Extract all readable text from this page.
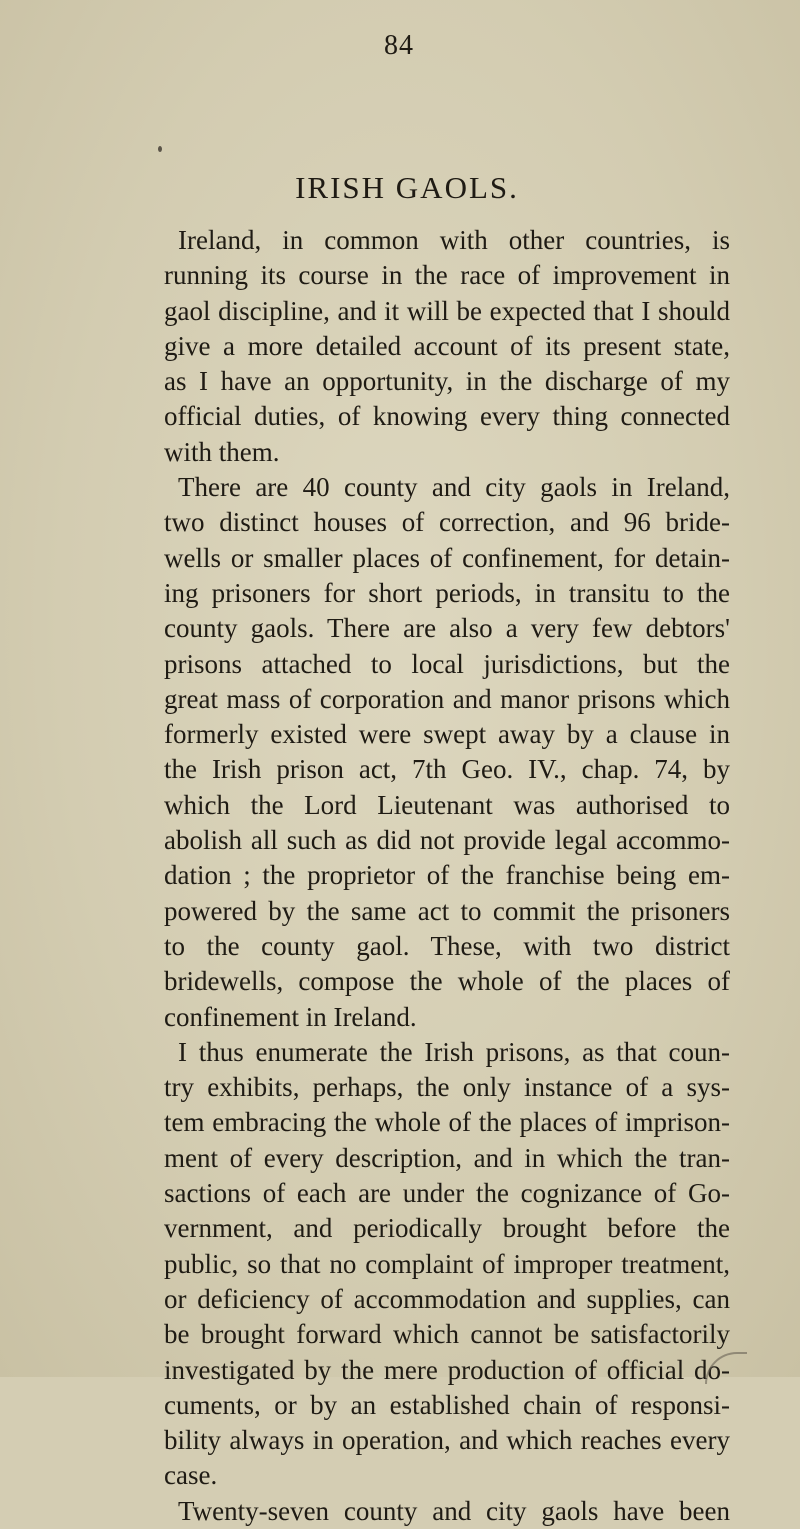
84
IRISH GAOLS.
Ireland, in common with other countries, is
running its course in the race of improvement in
gaol discipline, and it will be expected that I should
give a more detailed account of its present state,
as I have an opportunity, in the discharge of my
official duties, of knowing every thing connected
with them.
There are 40 county and city gaols in Ireland,
two distinct houses of correction, and 96 bride-
wells or smaller places of confinement, for detain-
ing prisoners for short periods, in transitu to the
county gaols. There are also a very few debtors'
prisons attached to local jurisdictions, but the
great mass of corporation and manor prisons which
formerly existed were swept away by a clause in
the Irish prison act, 7th Geo. IV., chap. 74, by
which the Lord Lieutenant was authorised to
abolish all such as did not provide legal accommo-
dation ; the proprietor of the franchise being em-
powered by the same act to commit the prisoners
to the county gaol. These, with two district
bridewells, compose the whole of the places of
confinement in Ireland.
I thus enumerate the Irish prisons, as that coun-
try exhibits, perhaps, the only instance of a sys-
tem embracing the whole of the places of imprison-
ment of every description, and in which the tran-
sactions of each are under the cognizance of Go-
vernment, and periodically brought before the
public, so that no complaint of improper treatment,
or deficiency of accommodation and supplies, can
be brought forward which cannot be satisfactorily
investigated by the mere production of official do-
cuments, or by an established chain of responsi-
bility always in operation, and which reaches every
case.
Twenty-seven county and city gaols have been
